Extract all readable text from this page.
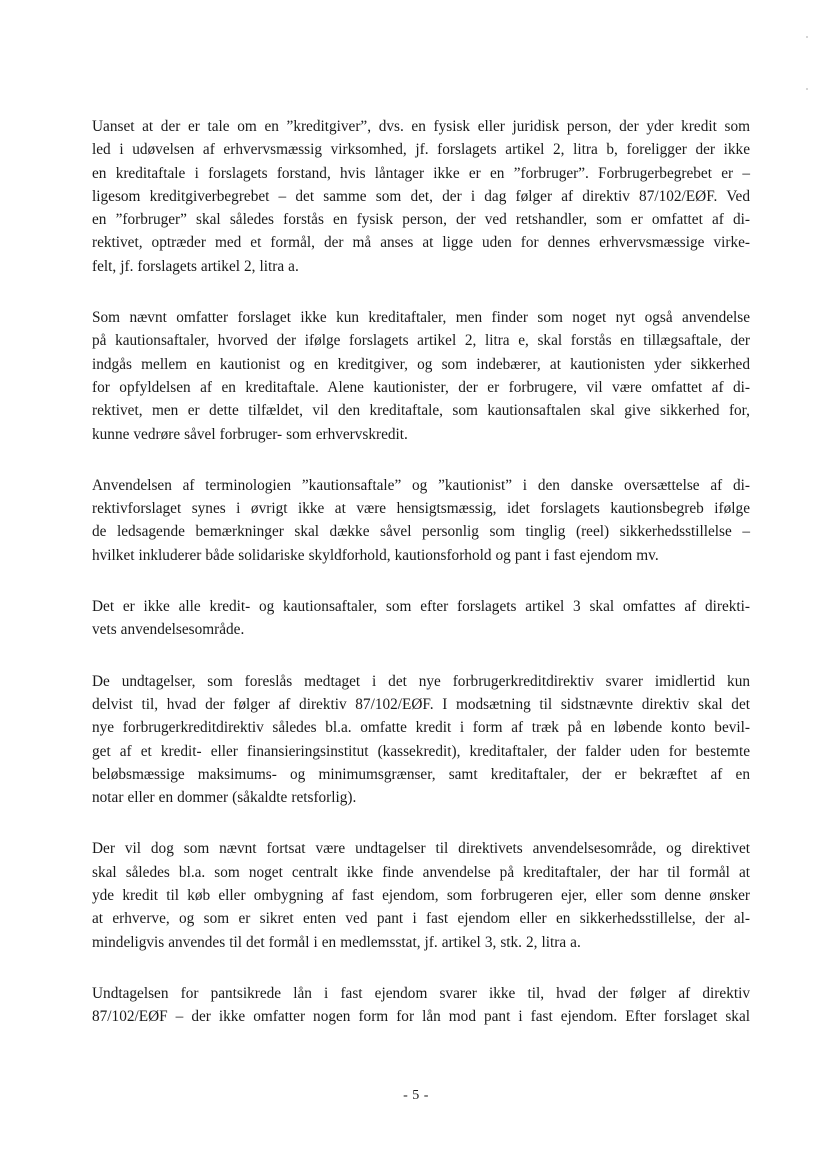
Uanset at der er tale om en ”kreditgiver”, dvs. en fysisk eller juridisk person, der yder kredit som
led i udøvelsen af erhvervsmæssig virksomhed, jf. forslagets artikel 2, litra b, foreligger der ikke
en kreditaftale i forslagets forstand, hvis låntager ikke er en ”forbruger”. Forbrugerbegrebet er –
ligesom kreditgiverbegrebet – det samme som det, der i dag følger af direktiv 87/102/EØF. Ved
en ”forbruger” skal således forstås en fysisk person, der ved retshandler, som er omfattet af di-
rektivet, optræder med et formål, der må anses at ligge uden for dennes erhvervsmæssige virke-
felt, jf. forslagets artikel 2, litra a.

Som nævnt omfatter forslaget ikke kun kreditaftaler, men finder som noget nyt også anvendelse
på kautionsaftaler, hvorved der ifølge forslagets artikel 2, litra e, skal forstås en tillægsaftale, der
indgås mellem en kautionist og en kreditgiver, og som indebærer, at kautionisten yder sikkerhed
for opfyldelsen af en kreditaftale. Alene kautionister, der er forbrugere, vil være omfattet af di-
rektivet, men er dette tilfældet, vil den kreditaftale, som kautionsaftalen skal give sikkerhed for,
kunne vedrøre såvel forbruger- som erhvervskredit.

Anvendelsen af terminologien ”kautionsaftale” og ”kautionist” i den danske oversættelse af di-
rektivforslaget synes i øvrigt ikke at være hensigtsmæssig, idet forslagets kautionsbegreb ifølge
de ledsagende bemærkninger skal dække såvel personlig som tinglig (reel) sikkerhedsstillelse –
hvilket inkluderer både solidariske skyldforhold, kautionsforhold og pant i fast ejendom mv.

Det er ikke alle kredit- og kautionsaftaler, som efter forslagets artikel 3 skal omfattes af direkti-
vets anvendelsesområde.

De undtagelser, som foreslås medtaget i det nye forbrugerkreditdirektiv svarer imidlertid kun
delvist til, hvad der følger af direktiv 87/102/EØF. I modsætning til sidstnævnte direktiv skal det
nye forbrugerkreditdirektiv således bl.a. omfatte kredit i form af træk på en løbende konto bevil-
get af et kredit- eller finansieringsinstitut (kassekredit), kreditaftaler, der falder uden for bestemte
beløbsmæssige maksimums- og minimumsgrænser, samt kreditaftaler, der er bekræftet af en
notar eller en dommer (såkaldte retsforlig).

Der vil dog som nævnt fortsat være undtagelser til direktivets anvendelsesområde, og direktivet
skal således bl.a. som noget centralt ikke finde anvendelse på kreditaftaler, der har til formål at
yde kredit til køb eller ombygning af fast ejendom, som forbrugeren ejer, eller som denne ønsker
at erhverve, og som er sikret enten ved pant i fast ejendom eller en sikkerhedsstillelse, der al-
mindeligvis anvendes til det formål i en medlemsstat, jf. artikel 3, stk. 2, litra a.

Undtagelsen for pantsikrede lån i fast ejendom svarer ikke til, hvad der følger af direktiv
87/102/EØF – der ikke omfatter nogen form for lån mod pant i fast ejendom. Efter forslaget skal

- 5 -
